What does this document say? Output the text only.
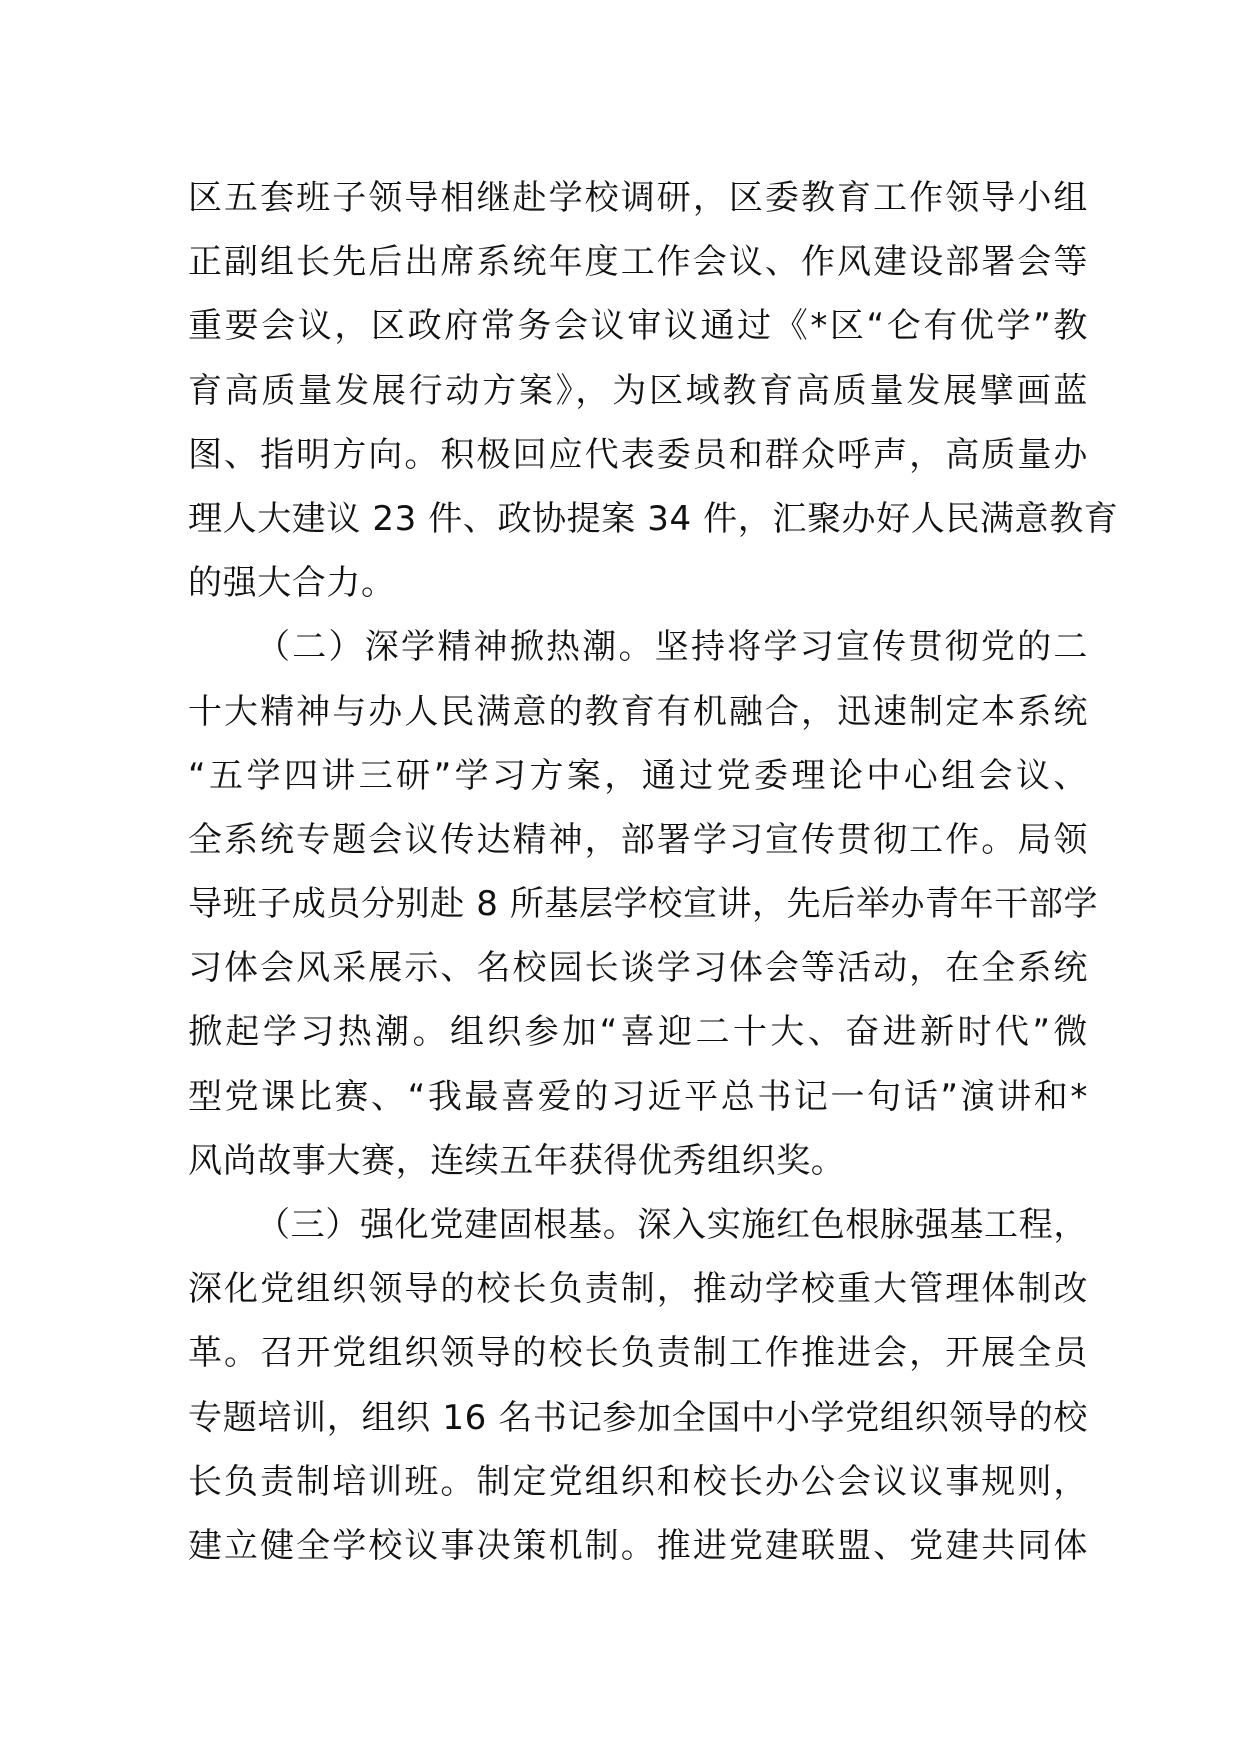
区五套班子领导相继赴学校调研，区委教育工作领导小组
正副组长先后出席系统年度工作会议、作风建设部署会等
重要会议，区政府常务会议审议通过《*区“仑有优学”教
育高质量发展行动方案》，为区域教育高质量发展擘画蓝
图、指明方向。积极回应代表委员和群众呼声，高质量办
理人大建议 23 件、政协提案 34 件，汇聚办好人民满意教育
的强大合力。
（二）深学精神掀热潮。坚持将学习宣传贯彻党的二
十大精神与办人民满意的教育有机融合，迅速制定本系统
“五学四讲三研”学习方案，通过党委理论中心组会议、
全系统专题会议传达精神，部署学习宣传贯彻工作。局领
导班子成员分别赴 8 所基层学校宣讲，先后举办青年干部学
习体会风采展示、名校园长谈学习体会等活动，在全系统
掀起学习热潮。组织参加“喜迎二十大、奋进新时代”微
型党课比赛、“我最喜爱的习近平总书记一句话”演讲和*
风尚故事大赛，连续五年获得优秀组织奖。
（三）强化党建固根基。深入实施红色根脉强基工程，
深化党组织领导的校长负责制，推动学校重大管理体制改
革。召开党组织领导的校长负责制工作推进会，开展全员
专题培训，组织 16 名书记参加全国中小学党组织领导的校
长负责制培训班。制定党组织和校长办公会议议事规则，
建立健全学校议事决策机制。推进党建联盟、党建共同体
